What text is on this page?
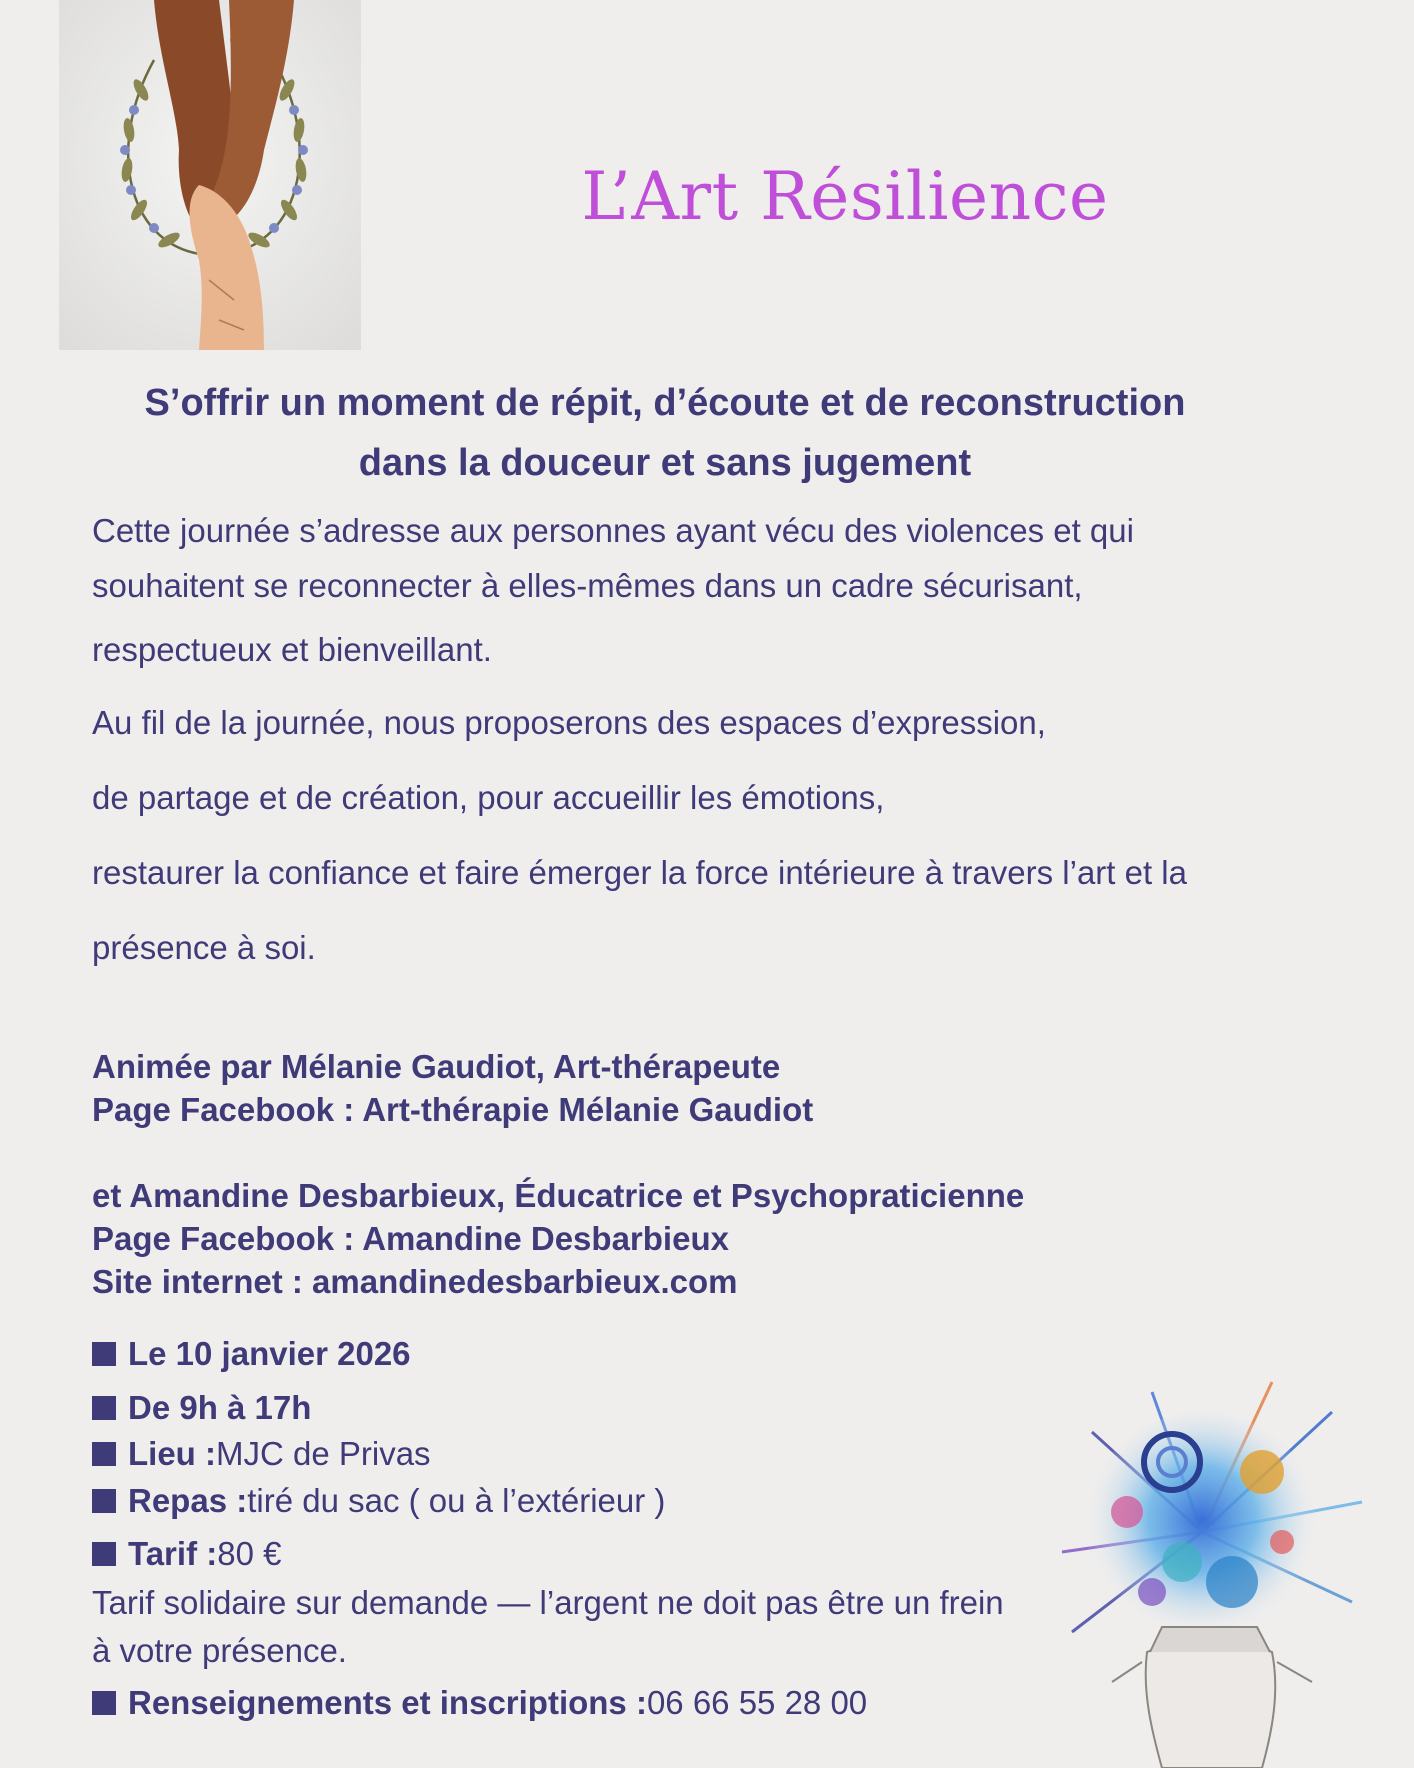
L’Art Résilience
S’offrir un moment de répit, d’écoute et de reconstruction
dans la douceur et sans jugement
Cette journée s’adresse aux personnes ayant vécu des violences et qui
souhaitent se reconnecter à elles-mêmes dans un cadre sécurisant,
respectueux et bienveillant.
Au fil de la journée, nous proposerons des espaces d’expression,
de partage et de création, pour accueillir les émotions,
restaurer la confiance et faire émerger la force intérieure à travers l’art et la
présence à soi.
Animée par Mélanie Gaudiot, Art-thérapeute
Page Facebook : Art-thérapie Mélanie Gaudiot
et Amandine Desbarbieux, Éducatrice et Psychopraticienne
Page Facebook : Amandine Desbarbieux
Site internet : amandinedesbarbieux.com
Le 10 janvier 2026
De 9h à 17h
Lieu : MJC de Privas
Repas : tiré du sac ( ou à l’extérieur )
Tarif : 80 €
Tarif solidaire sur demande — l’argent ne doit pas être un frein
à votre présence.
Renseignements et inscriptions : 06 66 55 28 00
